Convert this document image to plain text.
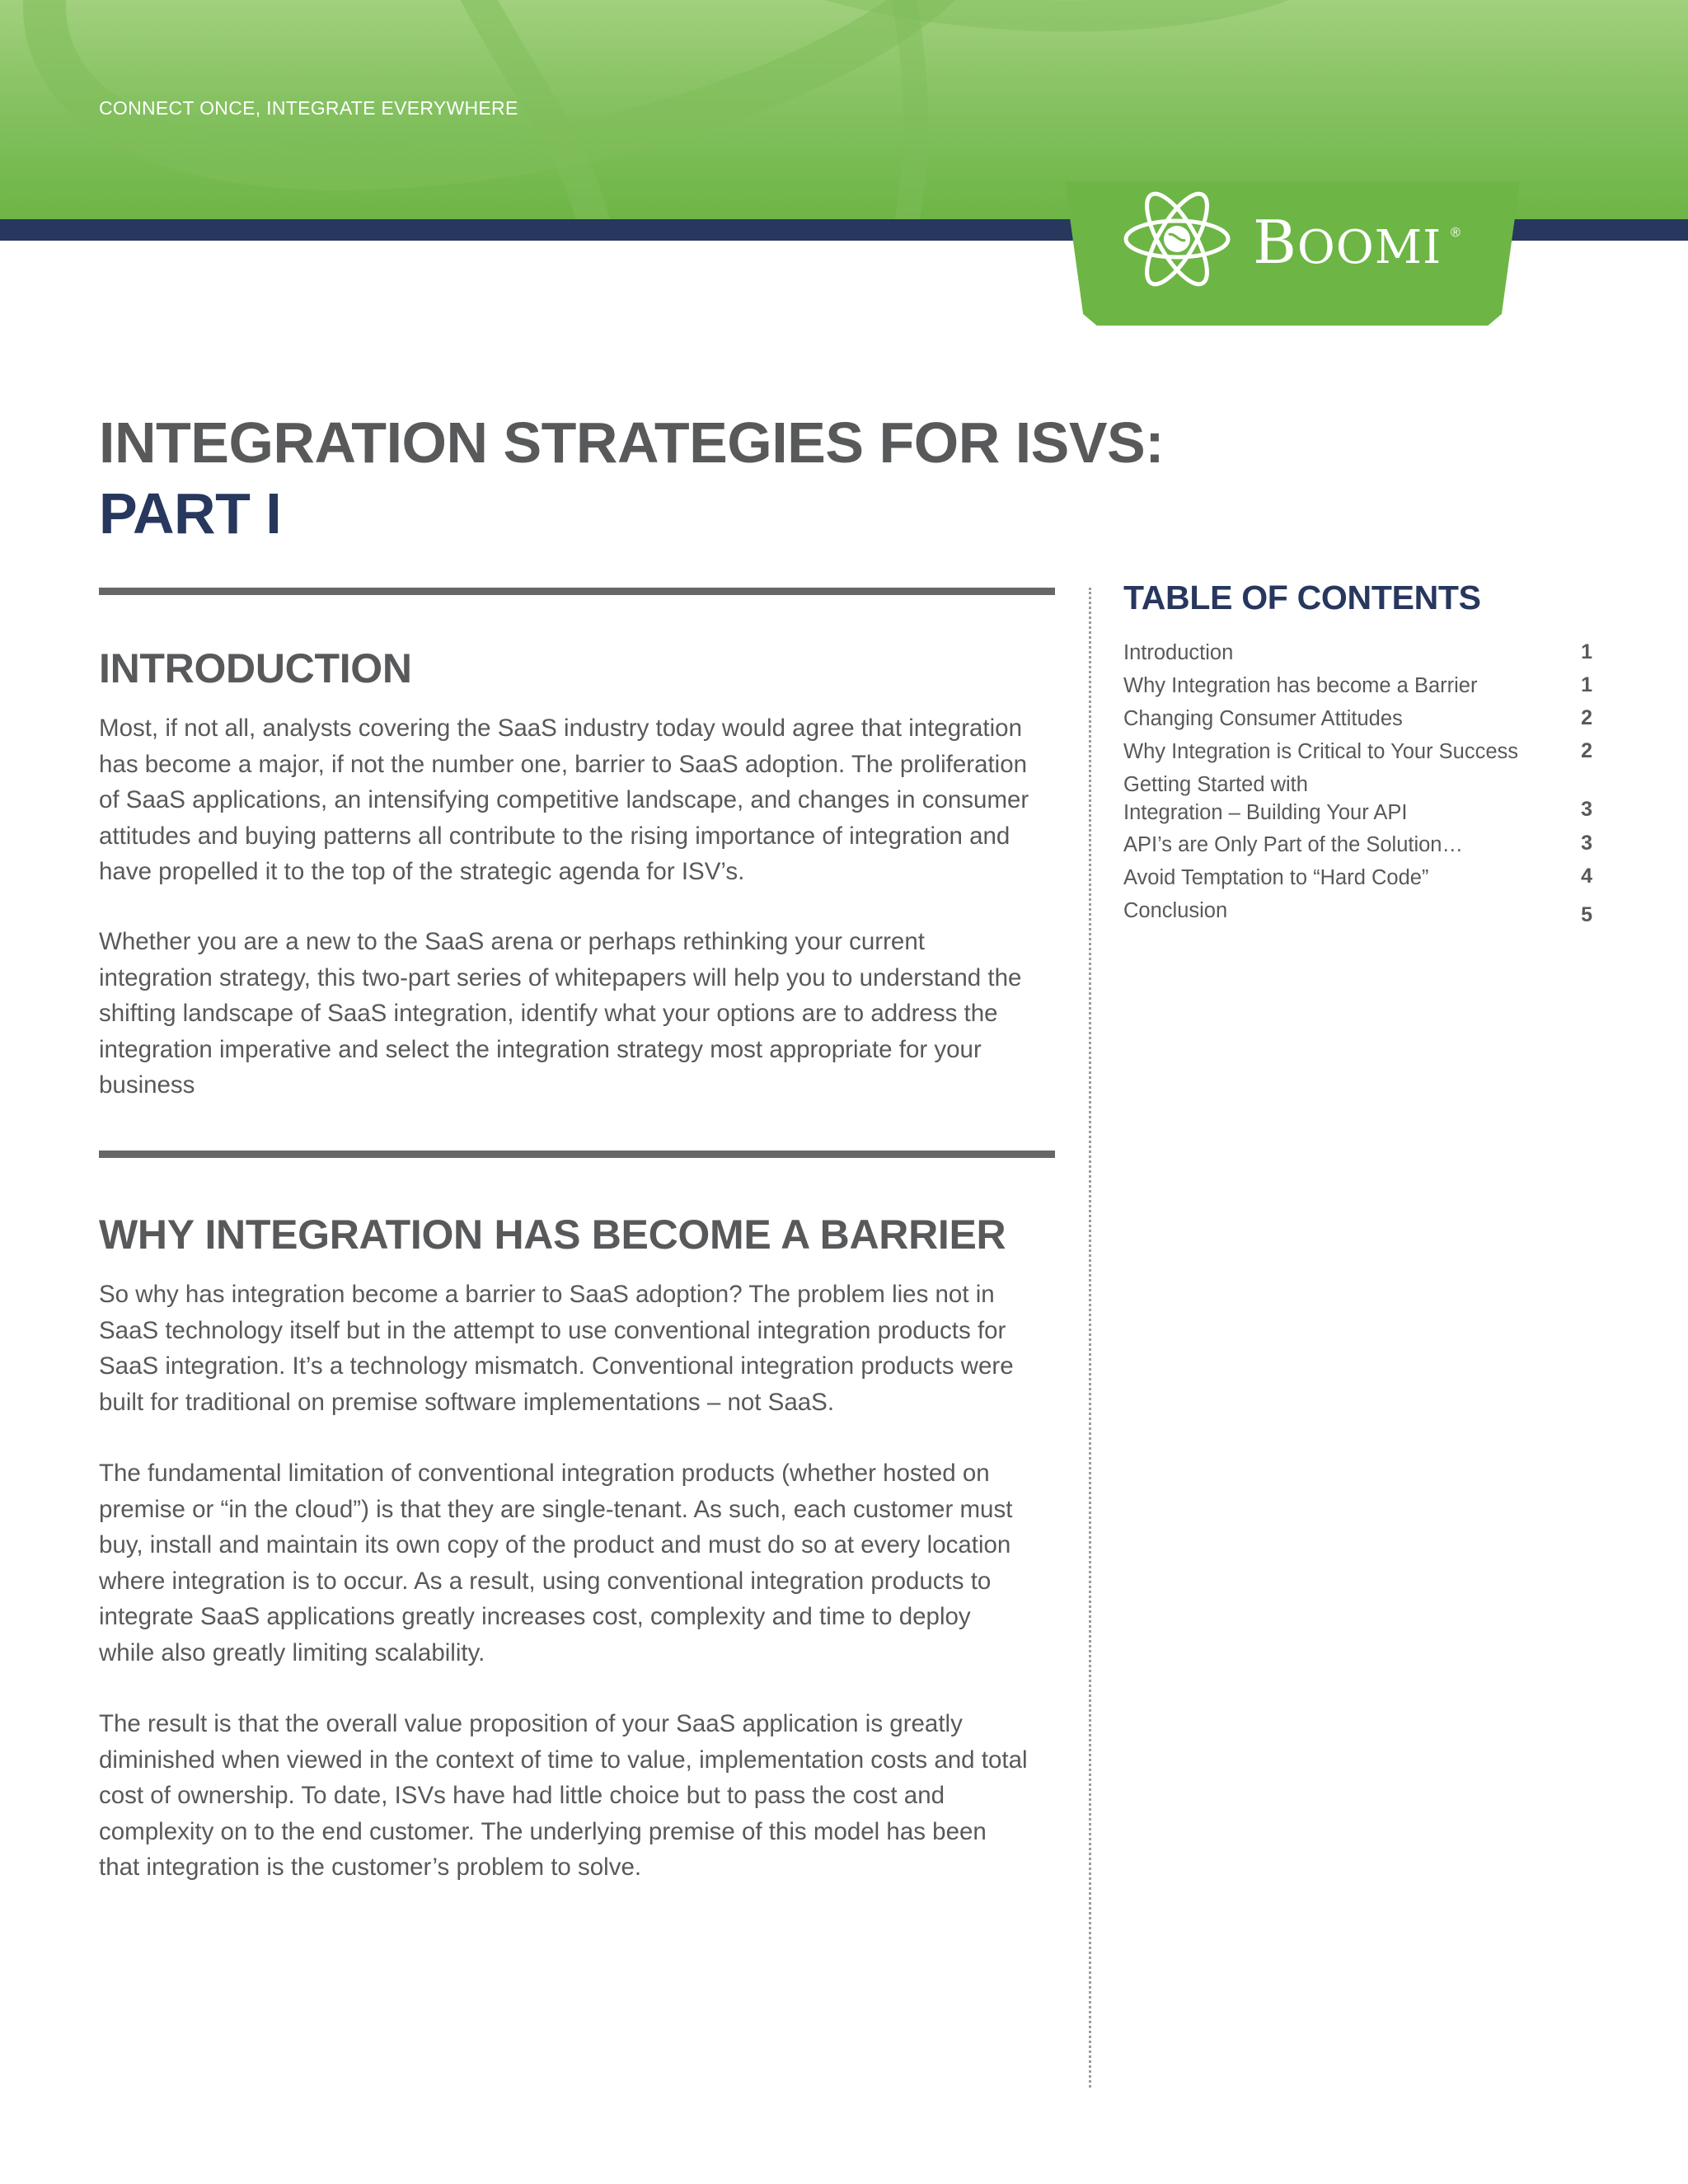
CONNECT ONCE, INTEGRATE EVERYWHERE
BOOMI ®
INTEGRATION STRATEGIES FOR ISVS:
PART I
INTRODUCTION

Most, if not all, analysts covering the SaaS industry today would agree that integration has become a major, if not the number one, barrier to SaaS adoption. The proliferation of SaaS applications, an intensifying competitive landscape, and changes in consumer attitudes and buying patterns all contribute to the rising importance of integration and have propelled it to the top of the strategic agenda for ISV’s.

Whether you are a new to the SaaS arena or perhaps rethinking your current integration strategy, this two-part series of whitepapers will help you to understand the shifting landscape of SaaS integration, identify what your options are to address the integration imperative and select the integration strategy most appropriate for your business

WHY INTEGRATION HAS BECOME A BARRIER

So why has integration become a barrier to SaaS adoption? The problem lies not in SaaS technology itself but in the attempt to use conventional integration products for SaaS integration. It’s a technology mismatch. Conventional integration products were built for traditional on premise software implementations – not SaaS.

The fundamental limitation of conventional integration products (whether hosted on premise or “in the cloud”) is that they are single-tenant. As such, each customer must buy, install and maintain its own copy of the product and must do so at every location where integration is to occur. As a result, using conventional integration products to integrate SaaS applications greatly increases cost, complexity and time to deploy while also greatly limiting scalability.

The result is that the overall value proposition of your SaaS application is greatly diminished when viewed in the context of time to value, implementation costs and total cost of ownership. To date, ISVs have had little choice but to pass the cost and complexity on to the end customer. The underlying premise of this model has been that integration is the customer’s problem to solve.

TABLE OF CONTENTS
Introduction	1
Why Integration has become a Barrier	1
Changing Consumer Attitudes	2
Why Integration is Critical to Your Success	2
Getting Started with
Integration – Building Your API	3
API’s are Only Part of the Solution…	3
Avoid Temptation to “Hard Code”	4
Conclusion	5
